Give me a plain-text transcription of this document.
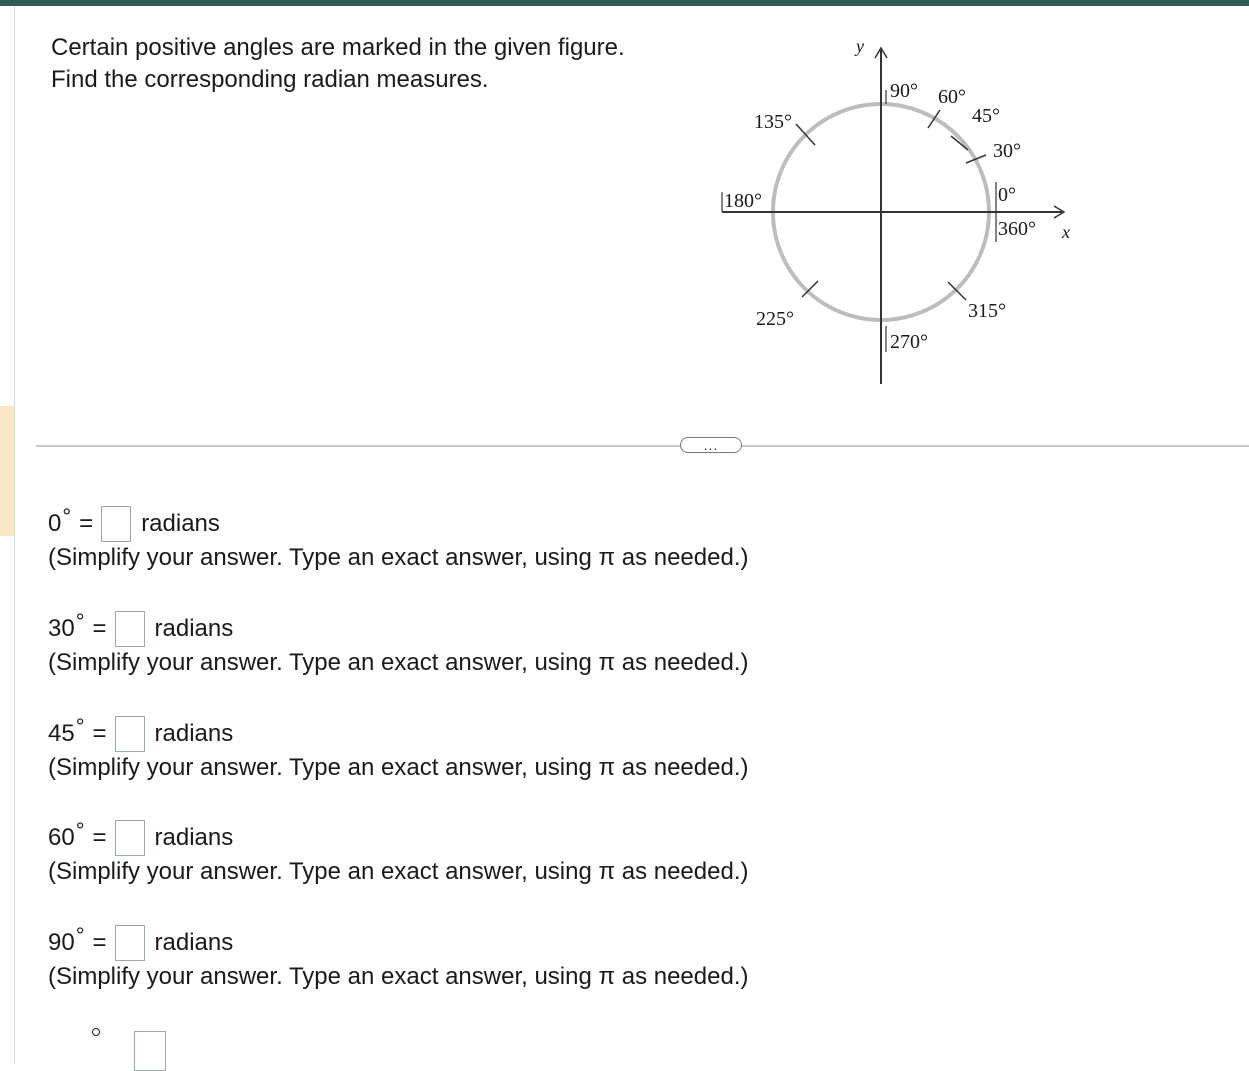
Certain positive angles are marked in the given figure.
Find the corresponding radian measures.
y
x
90° 60°
45°
30°
0°
360°
135°
180°
225°
270°
315°
...
0 ° = radians
(Simplify your answer. Type an exact answer, using π as needed.)
30 ° = radians
(Simplify your answer. Type an exact answer, using π as needed.)
45 ° = radians
(Simplify your answer. Type an exact answer, using π as needed.)
60 ° = radians
(Simplify your answer. Type an exact answer, using π as needed.)
90 ° = radians
(Simplify your answer. Type an exact answer, using π as needed.)
